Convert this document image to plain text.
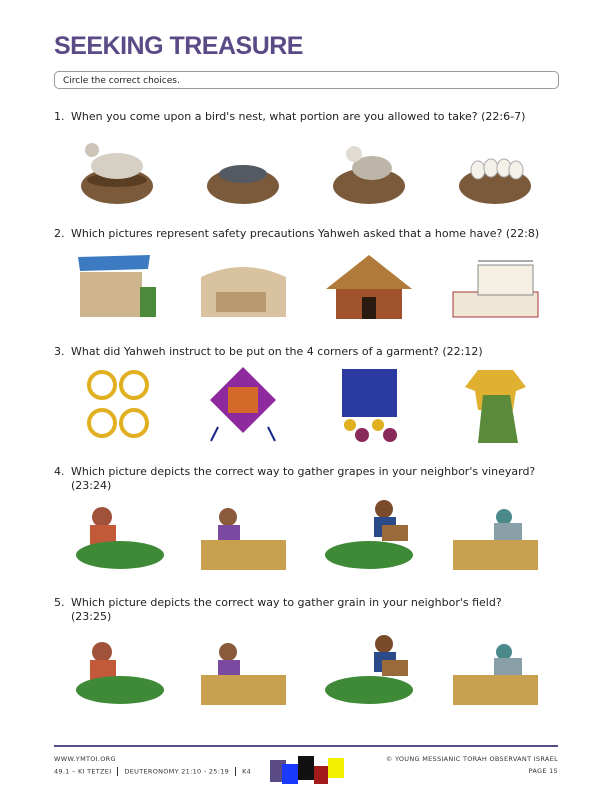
SEEKING TREASURE
Circle the correct choices.
1. When you come upon a bird's nest, what portion are you allowed to take? (22:6-7)
2. Which pictures represent safety precautions Yahweh asked that a home have? (22:8)
3. What did Yahweh instruct to be put on the 4 corners of a garment? (22:12)
4. Which picture depicts the correct way to gather grapes in your neighbor's vineyard?
(23:24)
5. Which picture depicts the correct way to gather grain in your neighbor's field?
(23:25)
WWW.YMTOI.ORG
49.1 – KI TETZEI DEUTERONOMY 21:10 - 25:19 K4
© YOUNG MESSIANIC TORAH OBSERVANT ISRAEL
PAGE 15
